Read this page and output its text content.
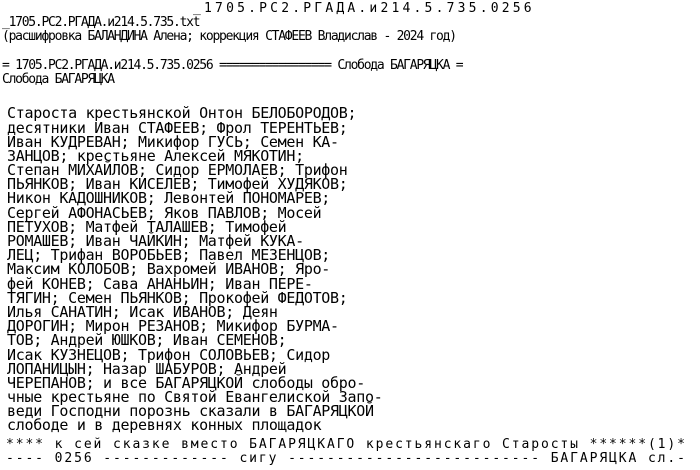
_1705.РС2.РГАДА.и214.5.735.0256
_1705.РС2.РГАДА.и214.5.735.txt
(расшифровка БАЛАНДИНА Алена; коррекция СТАФЕЕВ Владислав - 2024 год)
= 1705.РС2.РГАДА.и214.5.735.0256 ================= Слобода БАГАРЯЦКА =
Слобода БАГАРЯЦКА
Староста крестьянской Онтон БЕЛОБОРОДОВ;
десятники Иван СТАФЕЕВ; Фрол ТЕРЕНТЬЕВ;
Иван КУДРЕВАН; Микифор ГУСЬ; Семен КА-
ЗАНЦОВ; крестьяне Алексей МЯКОТИН;
Степан МИХАЙЛОВ; Сидор ЕРМОЛАЕВ; Трифон
ПЬЯНКОВ; Иван КИСЕЛЕВ; Тимофей ХУДЯКОВ;
Никон КАДОШНИКОВ; Левонтей ПОНОМАРЕВ;
Сергей АФОНАСЬЕВ; Яков ПАВЛОВ; Мосей
ПЕТУХОВ; Матфей ТАЛАШЕВ; Тимофей
РОМАШЕВ; Иван ЧАЙКИН; Матфей КУКА-
ЛЕЦ; Трифан ВОРОБЬЕВ; Павел МЕЗЕНЦОВ;
Максим КОЛОБОВ; Вахромей ИВАНОВ; Яро-
фей КОНЕВ; Сава АНАНЬИН; Иван ПЕРЕ-
ТЯГИН; Семен ПЬЯНКОВ; Прокофей ФЕДОТОВ;
Илья САНАТИН; Исак ИВАНОВ; Деян
ДОРОГИН; Мирон РЕЗАНОВ; Микифор БУРМА-
ТОВ; Андрей ЮШКОВ; Иван СЕМЕНОВ;
Исак КУЗНЕЦОВ; Трифон СОЛОВЬЕВ; Сидор
ЛОПАНИЦЫН; Назар ШАБУРОВ; Андрей
ЧЕРЕПАНОВ; и все БАГАРЯЦКОЙ слободы обро-
чные крестьяне по Святой Евангелиской Запо-
веди Господни порознь сказали в БАГАРЯЦКОЙ
слободе и в деревнях конных площадок
**** к сей сказке вместо БАГАРЯЦКАГО крестьянскаго Старосты ******(1)*
---- 0256 ------------- сигу -------------------------- БАГАРЯЦКА сл.-
